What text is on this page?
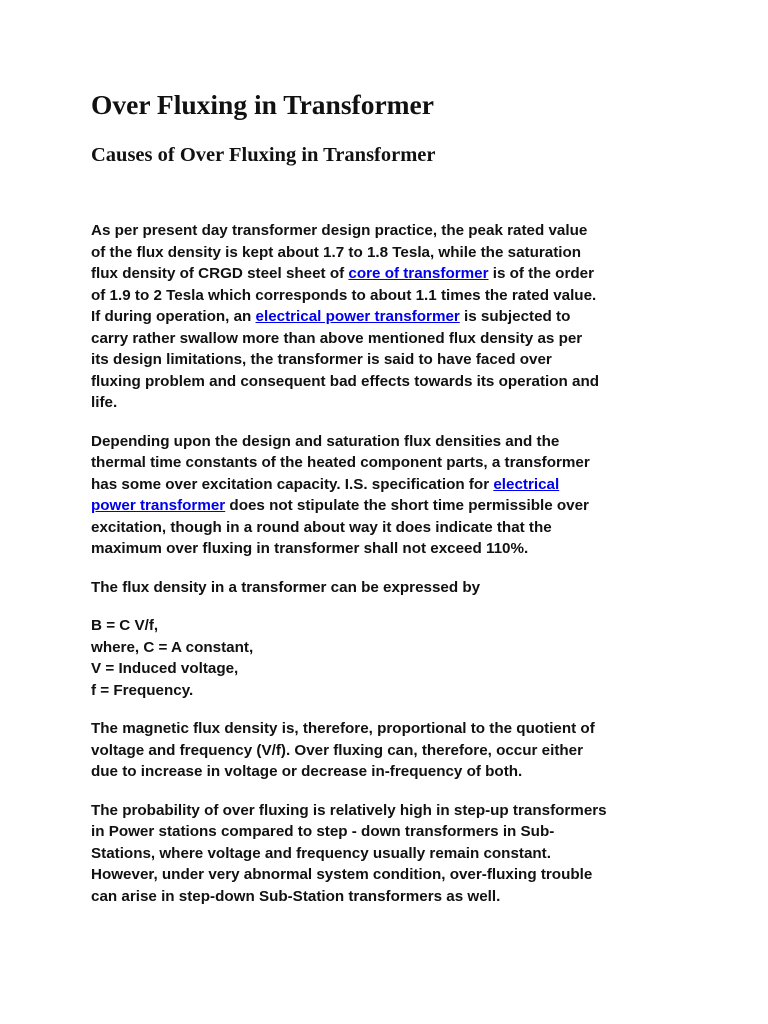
Over Fluxing in Transformer
Causes of Over Fluxing in Transformer

As per present day transformer design practice, the peak rated value
of the flux density is kept about 1.7 to 1.8 Tesla, while the saturation
flux density of CRGD steel sheet of core of transformer is of the order
of 1.9 to 2 Tesla which corresponds to about 1.1 times the rated value.
If during operation, an electrical power transformer is subjected to
carry rather swallow more than above mentioned flux density as per
its design limitations, the transformer is said to have faced over
fluxing problem and consequent bad effects towards its operation and
life.

Depending upon the design and saturation flux densities and the
thermal time constants of the heated component parts, a transformer
has some over excitation capacity. I.S. specification for electrical
power transformer does not stipulate the short time permissible over
excitation, though in a round about way it does indicate that the
maximum over fluxing in transformer shall not exceed 110%.

The flux density in a transformer can be expressed by

B = C V/f,
where, C = A constant,
V = Induced voltage,
f = Frequency.

The magnetic flux density is, therefore, proportional to the quotient of
voltage and frequency (V/f). Over fluxing can, therefore, occur either
due to increase in voltage or decrease in-frequency of both.

The probability of over fluxing is relatively high in step-up transformers
in Power stations compared to step - down transformers in Sub-
Stations, where voltage and frequency usually remain constant.
However, under very abnormal system condition, over-fluxing trouble
can arise in step-down Sub-Station transformers as well.
